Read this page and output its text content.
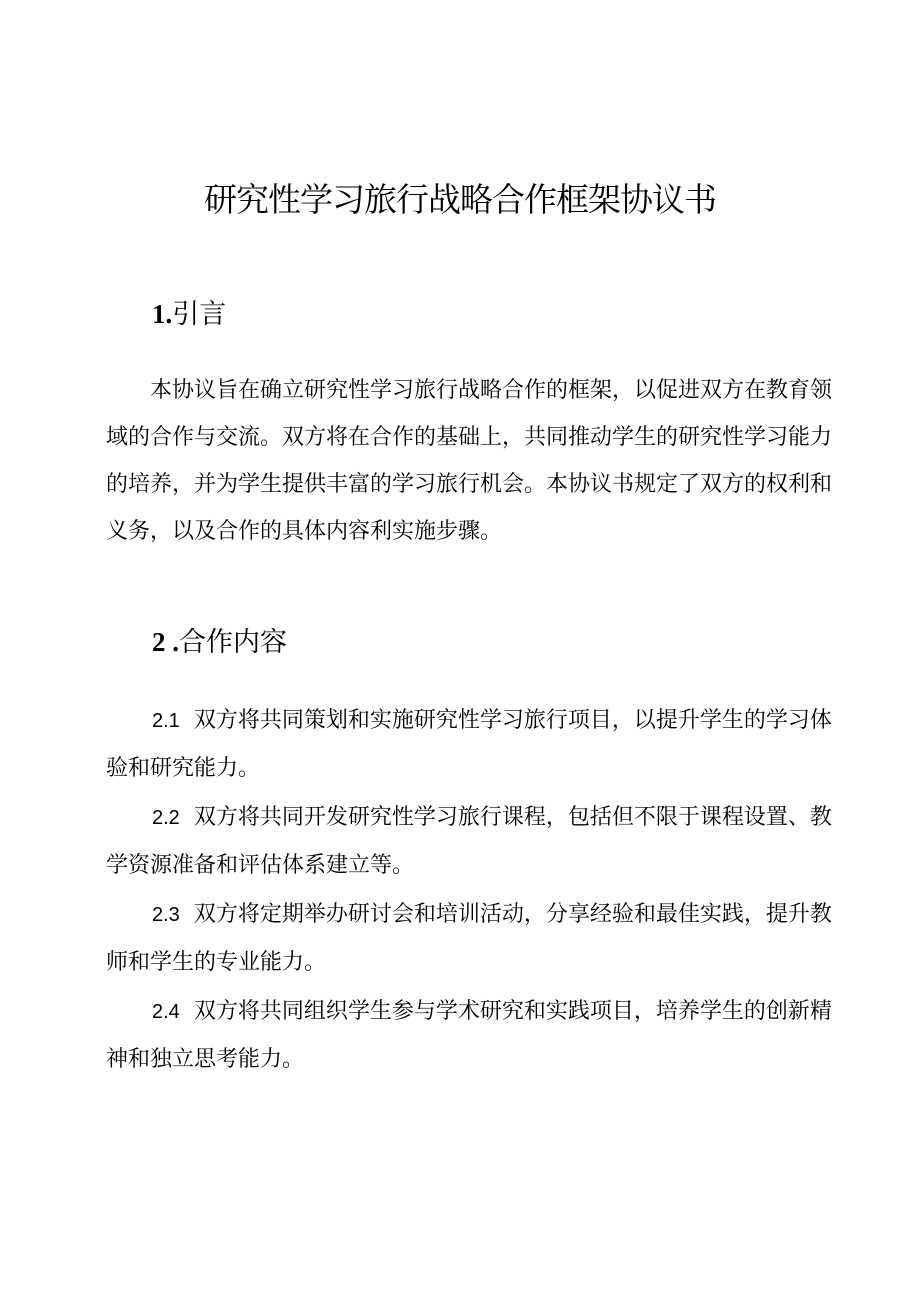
研究性学习旅行战略合作框架协议书
1.引言

本协议旨在确立研究性学习旅行战略合作的框架，以促进双方在教育领域的合作与交流。双方将在合作的基础上，共同推动学生的研究性学习能力的培养，并为学生提供丰富的学习旅行机会。本协议书规定了双方的权利和义务，以及合作的具体内容利实施步骤。

2 .合作内容

2.1 双方将共同策划和实施研究性学习旅行项目，以提升学生的学习体验和研究能力。

2.2 双方将共同开发研究性学习旅行课程，包括但不限于课程设置、教学资源准备和评估体系建立等。

2.3 双方将定期举办研讨会和培训活动，分享经验和最佳实践，提升教师和学生的专业能力。

2.4 双方将共同组织学生参与学术研究和实践项目，培养学生的创新精神和独立思考能力。
